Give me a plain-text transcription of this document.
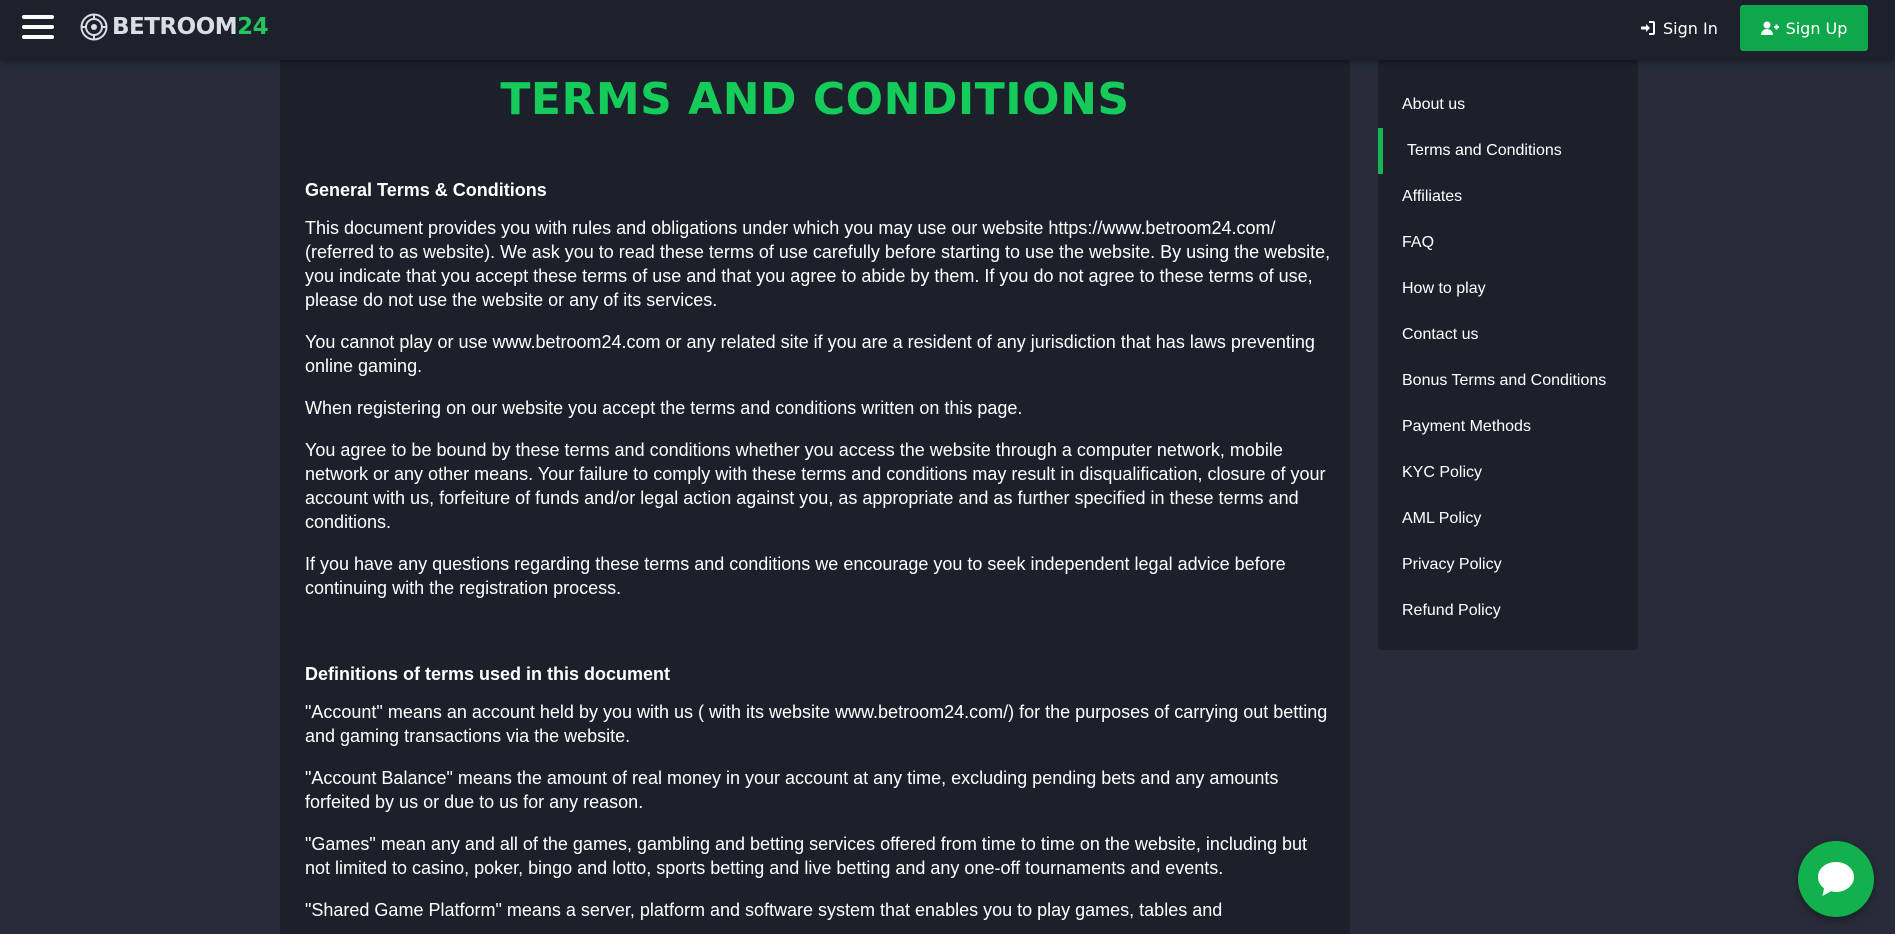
BETROOM24	Sign In	Sign Up
TERMS AND CONDITIONS
General Terms & Conditions

This document provides you with rules and obligations under which you may use our website https://www.betroom24.com/ (referred to as website). We ask you to read these terms of use carefully before starting to use the website. By using the website, you indicate that you accept these terms of use and that you agree to abide by them. If you do not agree to these terms of use, please do not use the website or any of its services.

You cannot play or use www.betroom24.com or any related site if you are a resident of any jurisdiction that has laws preventing online gaming.

When registering on our website you accept the terms and conditions written on this page.

You agree to be bound by these terms and conditions whether you access the website through a computer network, mobile network or any other means. Your failure to comply with these terms and conditions may result in disqualification, closure of your account with us, forfeiture of funds and/or legal action against you, as appropriate and as further specified in these terms and conditions.

If you have any questions regarding these terms and conditions we encourage you to seek independent legal advice before continuing with the registration process.

Definitions of terms used in this document

"Account" means an account held by you with us ( with its website www.betroom24.com/) for the purposes of carrying out betting and gaming transactions via the website.

"Account Balance" means the amount of real money in your account at any time, excluding pending bets and any amounts forfeited by us or due to us for any reason.

"Games" mean any and all of the games, gambling and betting services offered from time to time on the website, including but not limited to casino, poker, bingo and lotto, sports betting and live betting and any one-off tournaments and events.

"Shared Game Platform" means a server, platform and software system that enables you to play games, tables and

About us
Terms and Conditions
Affiliates
FAQ
How to play
Contact us
Bonus Terms and Conditions
Payment Methods
KYC Policy
AML Policy
Privacy Policy
Refund Policy
